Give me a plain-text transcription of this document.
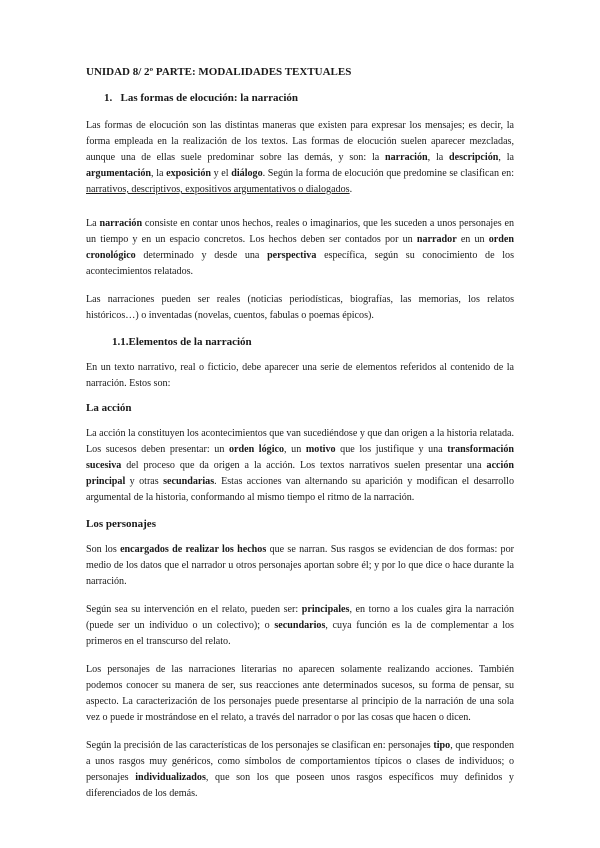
UNIDAD 8/ 2º PARTE: MODALIDADES TEXTUALES
1. Las formas de elocución: la narración

Las formas de elocución son las distintas maneras que existen para expresar los mensajes; es decir, la forma empleada en la realización de los textos. Las formas de elocución suelen aparecer mezcladas, aunque una de ellas suele predominar sobre las demás, y son: la narración, la descripción, la argumentación, la exposición y el diálogo. Según la forma de elocución que predomine se clasifican en: narrativos, descriptivos, expositivos argumentativos o dialogados.

La narración consiste en contar unos hechos, reales o imaginarios, que les suceden a unos personajes en un tiempo y en un espacio concretos. Los hechos deben ser contados por un narrador en un orden cronológico determinado y desde una perspectiva específica, según su conocimiento de los acontecimientos relatados.

Las narraciones pueden ser reales (noticias periodísticas, biografías, las memorias, los relatos históricos…) o inventadas (novelas, cuentos, fabulas o poemas épicos).

1.1.Elementos de la narración

En un texto narrativo, real o ficticio, debe aparecer una serie de elementos referidos al contenido de la narración. Estos son:

La acción

La acción la constituyen los acontecimientos que van sucediéndose y que dan origen a la historia relatada. Los sucesos deben presentar: un orden lógico, un motivo que los justifique y una transformación sucesiva del proceso que da origen a la acción. Los textos narrativos suelen presentar una acción principal y otras secundarias. Estas acciones van alternando su aparición y modifican el desarrollo argumental de la historia, conformando al mismo tiempo el ritmo de la narración.

Los personajes

Son los encargados de realizar los hechos que se narran. Sus rasgos se evidencian de dos formas: por medio de los datos que el narrador u otros personajes aportan sobre él; y por lo que dice o hace durante la narración.

Según sea su intervención en el relato, pueden ser: principales, en torno a los cuales gira la narración (puede ser un individuo o un colectivo); o secundarios, cuya función es la de complementar a los primeros en el transcurso del relato.

Los personajes de las narraciones literarias no aparecen solamente realizando acciones. También podemos conocer su manera de ser, sus reacciones ante determinados sucesos, su forma de pensar, su aspecto. La caracterización de los personajes puede presentarse al principio de la narración de una sola vez o puede ir mostrándose en el relato, a través del narrador o por las cosas que hacen o dicen.

Según la precisión de las características de los personajes se clasifican en: personajes tipo, que responden a unos rasgos muy genéricos, como símbolos de comportamientos típicos o clases de individuos; o personajes individualizados, que son los que poseen unos rasgos específicos muy definidos y diferenciados de los demás.
